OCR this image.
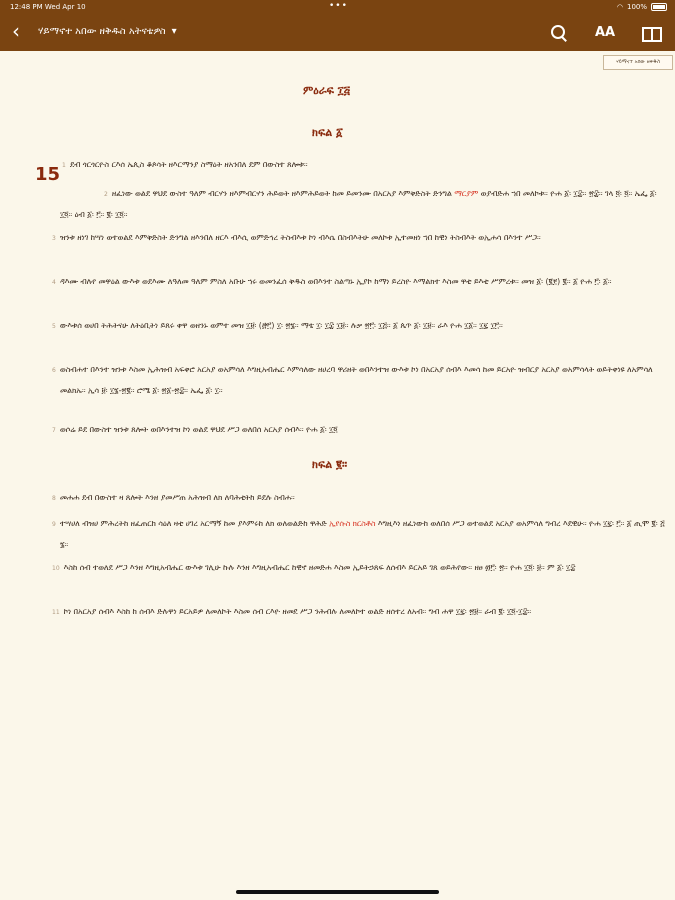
12:48 PM Wed Apr 10	•••	◠ 100%
‹ ሃይማኖተ አበው ዘቅዱስ አትናቴዎስ ▾	AA
ሃይማኖተ አበው ዘቅዱስ
ምዕራፍ ፲፭
ክፍል ፩
15 1 ደብ ጎርጎርዮስ ርእሰ ኤጲስ ቆጶሳት ዘእርማንያ ስማዕት ዘአንበለ ደም በውስተ ጸሎቱ።
2 ዘፈነው ወልደ ዋህደ ውስተ ዓለም ብርሃን ዘእምብርሃን ሕይወት ዘእምሕይወት ከመ ይመንሙ በአርአያ እምቅድስት ድንግል ማርያም ወያብድሐ ኀበ መለኮቱ። ዮሐ ፩፡ ፲፰። ፳፰። ገላ ፬፡ ፬። ኤፌ ፩፡ ፲፬። ዕብ ፩፡ ፫። ፪፡ ፲፬።
3 ዝንቱ ዘነገ ከሣነ ወተወልደ እምቅድስት ድንግል ዘእንበለ ዘርእ ብእሲ ወምድኅረ ትስብእቱ ኮነ ብእሴ በስብእትሁ መለኮቱ ኢተመዘነ ኀበ ከዊነ ትስብእት ወኢሐሳ በእንተ ሥጋ።
4 ዳእሙ ብሉየ መዋዕል ውእቱ ወደእሙ ለዓለመ ዓለም ምስለ አቡሁ ኀሩ ወመንፈሰ ቅዱስ ወበእንተ ስልጣኑ ኢያኮ ከማነ ይረስዮ እማልክተ እስመ ዋቲ ይእቲ ሥምረቱ። መዝ ፩፡ (፪፻) ፪። ፩ ዮሐ ፫፡ ፩።
5 ውእቱሰ ወሀበ ትሕትናሁ ለትዕቢትነ ይጸሩ ቀዋ ወዘንኑ ወምተ መዝ ፲፱፡ (፸፫) ፲፡ ፳፮። ማቴ ፲፡ ፲፰ ፲፱። ሉቃ ፳፫፡ ፲፭። ፩ ጴጥ ፩፡ ፲፱። ራእ ዮሐ ፲፩። ፲፯ ፲፫።
6 ወስብሐተ በእንተ ዝንቱ እስመ ኢሕዝብ አፍቀሮ አርአያ ወአምሳለ እግዚአብሔር እምሳለው ዘሀረባ ዋሪዘት ወበእንተዝ ውእቱ ኮነ በአርአያ ሰብእ እመሳ ከመ ይርአዮ ዝብርያ አርአያ ወአምሳላት ወይትቀነዩ ለአምሳለ መልክኡ። ኢሳ ፱፡ ፲፮-፳፪። ሮሜ ፩፡ ፳፩-፳፰። ኤፌ ፩፡ ፲።
7 ወሶሬ ይደ በውስተ ዝንቱ ጸሎት ወበእንተዝ ኮነ ወልደ ዋህደ ሥጋ ወለበሰ አርአያ ሰብእ። ዮሐ ፩፡ ፲፬
ክፍል ፪።
8 መሐሐ ደብ በውስተ ዛ ጸሎት እንዘ ያመሥጠ አሕዝብ ለክ ለባሕቲትከ ይደሉ ስብሐ።
9 ተሣሀለ ብዝሀ ምሕረትከ ዘፈጠርከ ሳዕለ ዛቲ ሀገረ አርማኝ ከመ ያእምሩከ ለክ ወለወልድከ ዋሕድ ኢየሱስ ክርስቶስ እግዚእነ ዘፈነውከ ወለበሰ ሥጋ ወተወልደ አርአያ ወአምሳለ ግብረ እደዊሁ። ዮሐ ፲፯፡ ፫። ፩ ጢሞ ፪፡ ፭ ፮።
10 እስከ ሰብ ተወለደ ሥጋ እንዘ እግዚአብሔር ውእቱ ገሊሁ ኩሉ እንዘ እግዚአብሔር ከዊኖ ዘመድሐ እስመ ኢይትኃጸፍ ለሰብእ ይርአይ ገጸ ወይሕየው። ዘፀ ፴፫፡ ፳። ዮሐ ፲፬፡ ፱። ም ፩፡ ፲፰
11 ኮነ በአርአያ ሰብእ እስከ ከ ሰብእ ድሉዋነ ይርአይዎ ለመለኮት እስመ ሰብ ርእዮ ዘመደ ሥጋ ንሕብሉ ለመለኮተ ወልድ ዘሰተረ ለአብ። ግብ ሐዋ ፲፯፡ ፳፱። ራብ ፪፡ ፲፬-፲፰።
